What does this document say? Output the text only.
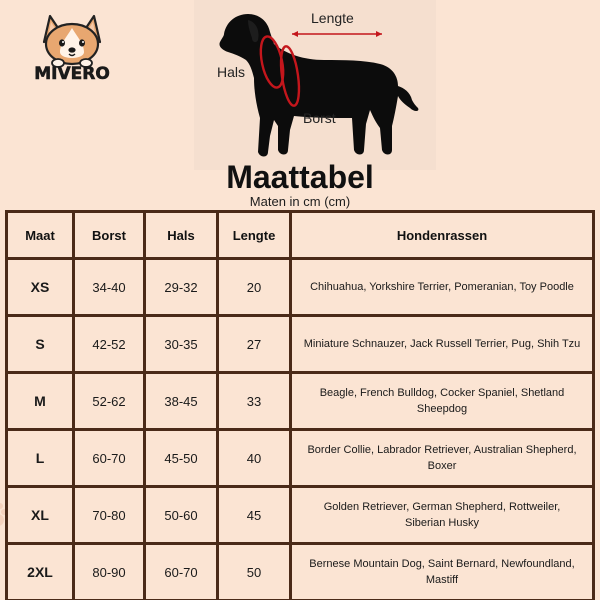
MIVERO
Lengte
Hals
Borst
Maattabel
Maten in cm (cm)
Maat	Borst	Hals	Lengte	Hondenrassen
XS	34-40	29-32	20	Chihuahua, Yorkshire Terrier, Pomeranian, Toy Poodle
S	42-52	30-35	27	Miniature Schnauzer, Jack Russell Terrier, Pug, Shih Tzu
M	52-62	38-45	33	Beagle, French Bulldog, Cocker Spaniel, Shetland Sheepdog
L	60-70	45-50	40	Border Collie, Labrador Retriever, Australian Shepherd, Boxer
XL	70-80	50-60	45	Golden Retriever, German Shepherd, Rottweiler, Siberian Husky
2XL	80-90	60-70	50	Bernese Mountain Dog, Saint Bernard, Newfoundland, Mastiff
